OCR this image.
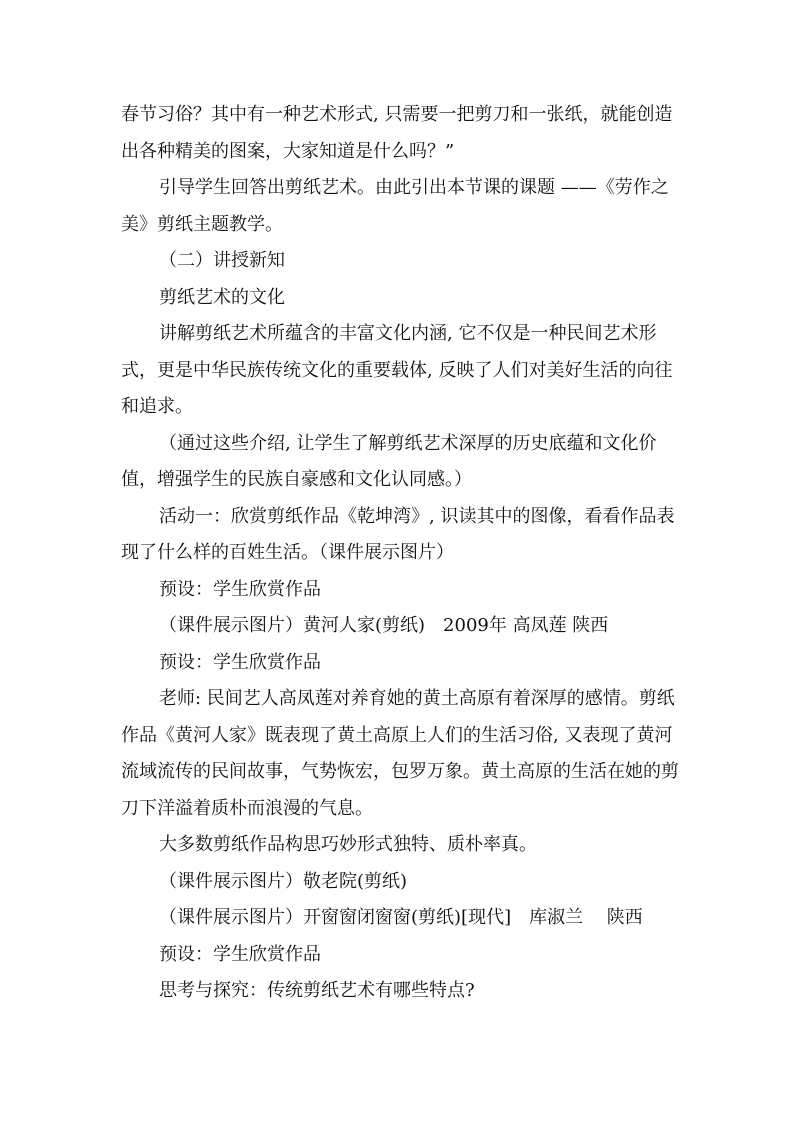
春节习俗？其中有一种艺术形式, 只需要一把剪刀和一张纸，就能创造出各种精美的图案，大家知道是什么吗？”

引导学生回答出剪纸艺术。由此引出本节课的课题 ——《劳作之美》剪纸主题教学。

（二）讲授新知

剪纸艺术的文化

讲解剪纸艺术所蕴含的丰富文化内涵, 它不仅是一种民间艺术形式，更是中华民族传统文化的重要载体, 反映了人们对美好生活的向往和追求。

（通过这些介绍, 让学生了解剪纸艺术深厚的历史底蕴和文化价值，增强学生的民族自豪感和文化认同感。）

活动一：欣赏剪纸作品《乾坤湾》, 识读其中的图像，看看作品表现了什么样的百姓生活。（课件展示图片）

预设：学生欣赏作品

（课件展示图片）黄河人家(剪纸)　2009年 高凤莲 陕西

预设：学生欣赏作品

老师: 民间艺人高凤莲对养育她的黄土高原有着深厚的感情。剪纸作品《黄河人家》既表现了黄土高原上人们的生活习俗, 又表现了黄河流域流传的民间故事，气势恢宏，包罗万象。黄土高原的生活在她的剪刀下洋溢着质朴而浪漫的气息。

大多数剪纸作品构思巧妙形式独特、质朴率真。

（课件展示图片）敬老院(剪纸)

（课件展示图片）开窗窗闭窗窗(剪纸)[现代]　库淑兰　 陕西

预设：学生欣赏作品

思考与探究：传统剪纸艺术有哪些特点?
